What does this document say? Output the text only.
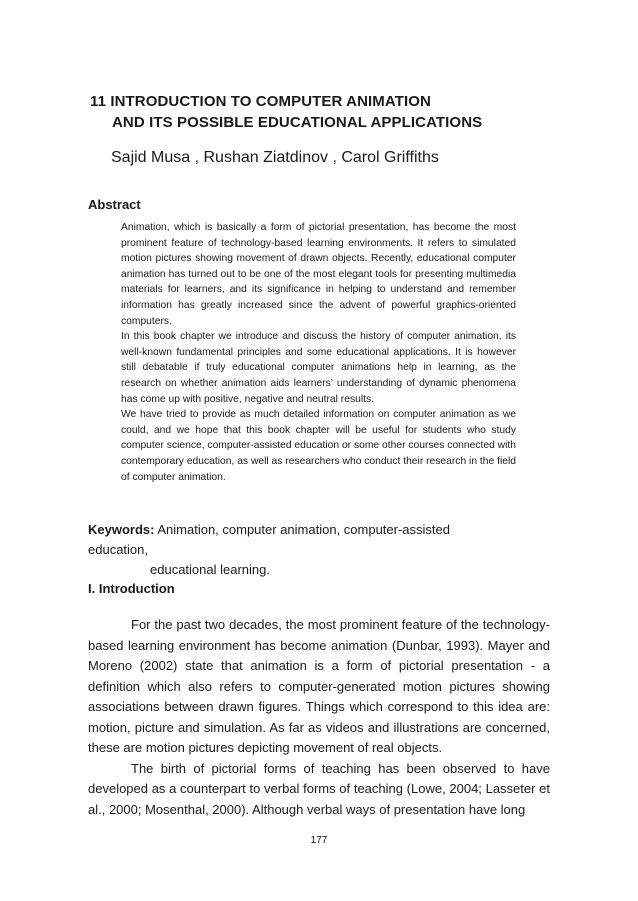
11 INTRODUCTION TO COMPUTER ANIMATION
AND ITS POSSIBLE EDUCATIONAL APPLICATIONS
Sajid Musa , Rushan Ziatdinov , Carol Griffiths
Abstract

Animation, which is basically a form of pictorial presentation, has become the most prominent feature of technology-based learning environments. It refers to simulated motion pictures showing movement of drawn objects. Recently, educational computer animation has turned out to be one of the most elegant tools for presenting multimedia materials for learners, and its significance in helping to understand and remember information has greatly increased since the advent of powerful graphics-oriented computers.

In this book chapter we introduce and discuss the history of computer animation, its well-known fundamental principles and some educational applications. It is however still debatable if truly educational computer animations help in learning, as the research on whether animation aids learners’ understanding of dynamic phenomena has come up with positive, negative and neutral results.

We have tried to provide as much detailed information on computer animation as we could, and we hope that this book chapter will be useful for students who study computer science, computer-assisted education or some other courses connected with contemporary education, as well as researchers who conduct their research in the field of computer animation.

Keywords: Animation, computer animation, computer-assisted education,
educational learning.
I. Introduction

For the past two decades, the most prominent feature of the technology-based learning environment has become animation (Dunbar, 1993). Mayer and Moreno (2002) state that animation is a form of pictorial presentation - a definition which also refers to computer-generated motion pictures showing associations between drawn figures. Things which correspond to this idea are: motion, picture and simulation. As far as videos and illustrations are concerned, these are motion pictures depicting movement of real objects.

The birth of pictorial forms of teaching has been observed to have developed as a counterpart to verbal forms of teaching (Lowe, 2004; Lasseter et al., 2000; Mosenthal, 2000). Although verbal ways of presentation have long

177
